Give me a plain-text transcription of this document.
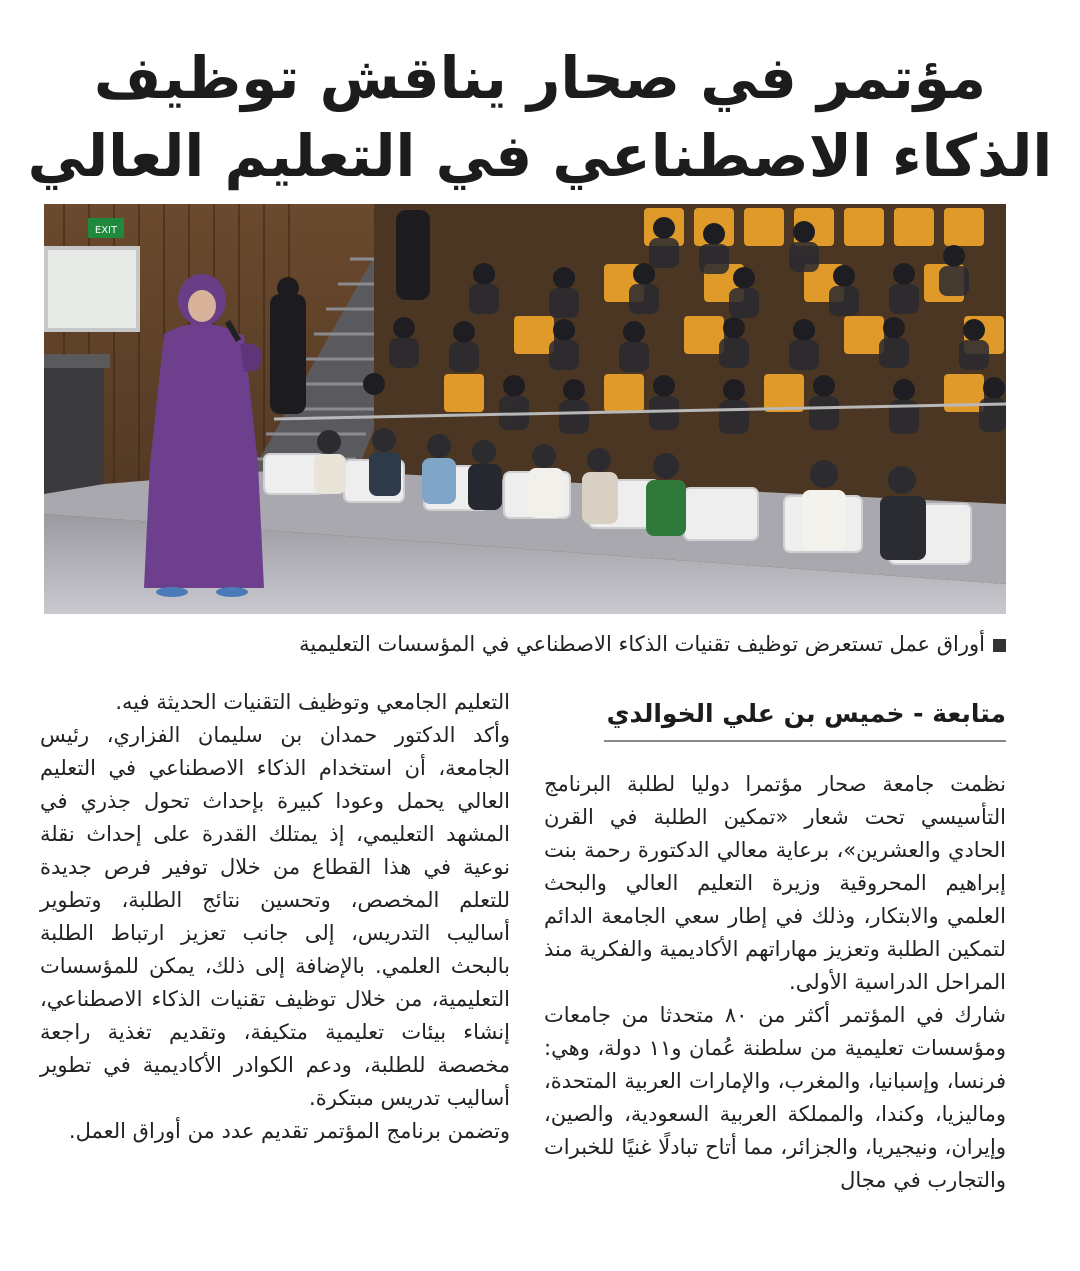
مؤتمر في صحار يناقش توظيف
الذكاء الاصطناعي في التعليم العالي
EXIT
أوراق عمل تستعرض توظيف تقنيات الذكاء الاصطناعي في المؤسسات التعليمية
متابعة - خميس بن علي الخوالدي

نظمت جامعة صحار مؤتمرا دوليا لطلبة البرنامج التأسيسي تحت شعار «تمكين الطلبة في القرن الحادي والعشرين»، برعاية معالي الدكتورة رحمة بنت إبراهيم المحروقية وزيرة التعليم العالي والبحث العلمي والابتكار، وذلك في إطار سعي الجامعة الدائم لتمكين الطلبة وتعزيز مهاراتهم الأكاديمية والفكرية منذ المراحل الدراسية الأولى.

شارك في المؤتمر أكثر من ٨٠ متحدثا من جامعات ومؤسسات تعليمية من سلطنة عُمان و١١ دولة، وهي: فرنسا، وإسبانيا، والمغرب، والإمارات العربية المتحدة، وماليزيا، وكندا، والمملكة العربية السعودية، والصين، وإيران، ونيجيريا، والجزائر، مما أتاح تبادلًا غنيًا للخبرات والتجارب في مجال

التعليم الجامعي وتوظيف التقنيات الحديثة فيه.

وأكد الدكتور حمدان بن سليمان الفزاري، رئيس الجامعة، أن استخدام الذكاء الاصطناعي في التعليم العالي يحمل وعودا كبيرة بإحداث تحول جذري في المشهد التعليمي، إذ يمتلك القدرة على إحداث نقلة نوعية في هذا القطاع من خلال توفير فرص جديدة للتعلم المخصص، وتحسين نتائج الطلبة، وتطوير أساليب التدريس، إلى جانب تعزيز ارتباط الطلبة بالبحث العلمي. بالإضافة إلى ذلك، يمكن للمؤسسات التعليمية، من خلال توظيف تقنيات الذكاء الاصطناعي، إنشاء بيئات تعليمية متكيفة، وتقديم تغذية راجعة مخصصة للطلبة، ودعم الكوادر الأكاديمية في تطوير أساليب تدريس مبتكرة.

وتضمن برنامج المؤتمر تقديم عدد من أوراق العمل.
